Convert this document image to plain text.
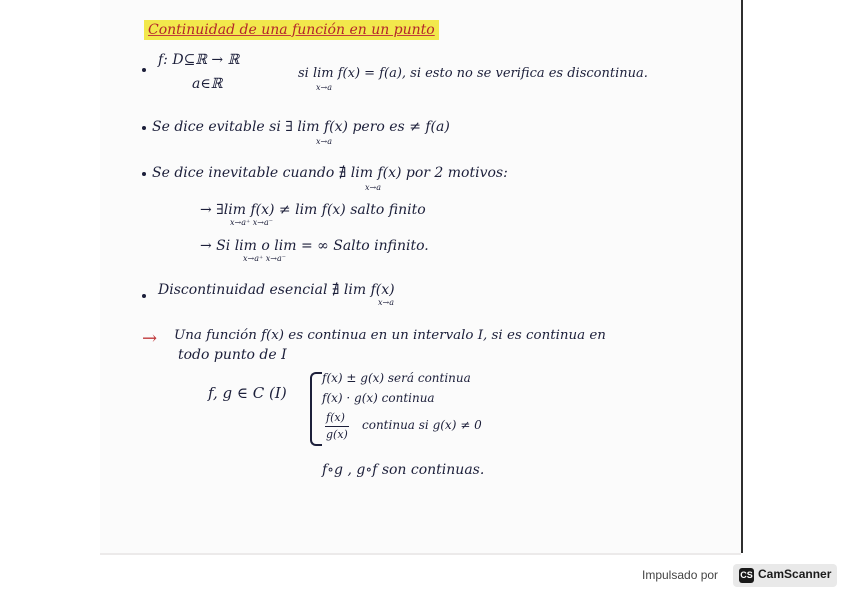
Continuidad de una función en un punto
f: D⊆ℝ → ℝ
a∈ℝ
si lim f(x) = f(a), si esto no se verifica es discontinua.
x→a
Se dice evitable si ∃ lim f(x) pero es ≠ f(a)
x→a
Se dice inevitable cuando ∄ lim f(x) por 2 motivos:
x→a
→ ∃lim f(x) ≠ lim f(x) salto finito
x→a⁺ x→a⁻
→ Si lim o lim = ∞ Salto infinito.
x→a⁺ x→a⁻
Discontinuidad esencial ∄ lim f(x)
x→a
→ Una función f(x) es continua en un intervalo I, si es continua en
todo punto de I
f, g ∈ C (I)
f(x) ± g(x) será continua
f(x) · g(x) continua
f(x)
continua si g(x) ≠ 0
g(x)
f∘g , g∘f son continuas.
Impulsado por CS CamScanner
